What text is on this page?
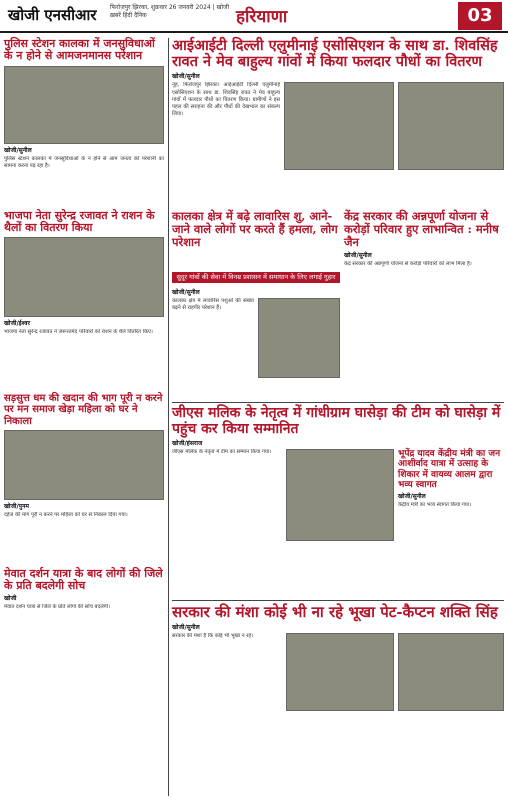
खोजी एनसीआर फिरोजपुर झिरका, शुक्रवार 26 जनवरी 2024 | खोजी ख़बरें हिंदी दैनिक	हरियाणा	03
पुलिस स्टेशन कालका में जनसुविधाओं के न होने से आमजनमानस परेशान
खोजी/सुनील
पुलिस स्टेशन कालका में जनसुविधाओं के न होने से आम जनता को परेशानी का सामना करना पड़ रहा है।
भाजपा नेता सुरेन्द्र रजावत ने राशन के थैलों का वितरण किया
खोजी/ईश्वर
भाजपा नेता सुरेन्द्र रजावत ने जरूरतमंद परिवारों को राशन के थैले वितरित किए।
सड़सुत्त धम की खदान की भाग पूरी न करने पर मन समाज खेड़ा महिला को घर ने निकाला
खोजी/पुनम
दहेज की मांग पूरी न करने पर महिला को घर से निकाल दिया गया।
मेवात दर्शन यात्रा के बाद लोगों की जिले के प्रति बदलेगी सोच
खोजी
मेवात दर्शन यात्रा से जिले के प्रति लोगों की सोच बदलेगी।
आईआईटी दिल्ली एलुमीनाई एसोसिएशन के साथ डा. शिवसिंह रावत ने मेव बाहुल्य गांवों में किया फलदार पौधों का वितरण
खोजी/सुनील
नूंह, फिरोजपुर झिरका। आईआईटी दिल्ली एलुमीनाई एसोसिएशन के साथ डा. शिवसिंह रावत ने मेव बाहुल्य गांवों में फलदार पौधों का वितरण किया। ग्रामीणों ने इस पहल की सराहना की और पौधों की देखभाल का संकल्प लिया।
कालका क्षेत्र में बढ़े लावारिस शु, आने-जाने वाले लोगों पर करते हैं हमला, लोग परेशान
केंद्र सरकार की अन्नपूर्णा योजना से करोड़ों परिवार हुए लाभान्वित : मनीष जैन
खोजी/सुनील
केंद्र सरकार की अन्नपूर्णा योजना से करोड़ों परिवारों को लाभ मिला है।
सुदूर गांवों की सेवा में विनम्र प्रशासन में समाधान के लिए लगाई गुहार
खोजी/सुनील
कालका क्षेत्र में लावारिस पशुओं की संख्या बढ़ने से राहगीर परेशान हैं।
जीएस मलिक के नेतृत्व में गांधीग्राम घासेड़ा की टीम को घासेड़ा में पहुंच कर किया सम्मानित
खोजी/हंसराज
जीएस मलिक के नेतृत्व में टीम का सम्मान किया गया।	भूपेंद्र यादव केंद्रीय मंत्री का जन आशीर्वाद यात्रा में उत्साह के शिकार में वायव्य आलम द्वारा भव्य स्वागत
खोजी/सुनील
केंद्रीय मंत्री का भव्य स्वागत किया गया।
सरकार की मंशा कोई भी ना रहे भूखा पेट-कैप्टन शक्ति सिंह
खोजी/सुनील
सरकार की मंशा है कि कोई भी भूखा न रहे।
